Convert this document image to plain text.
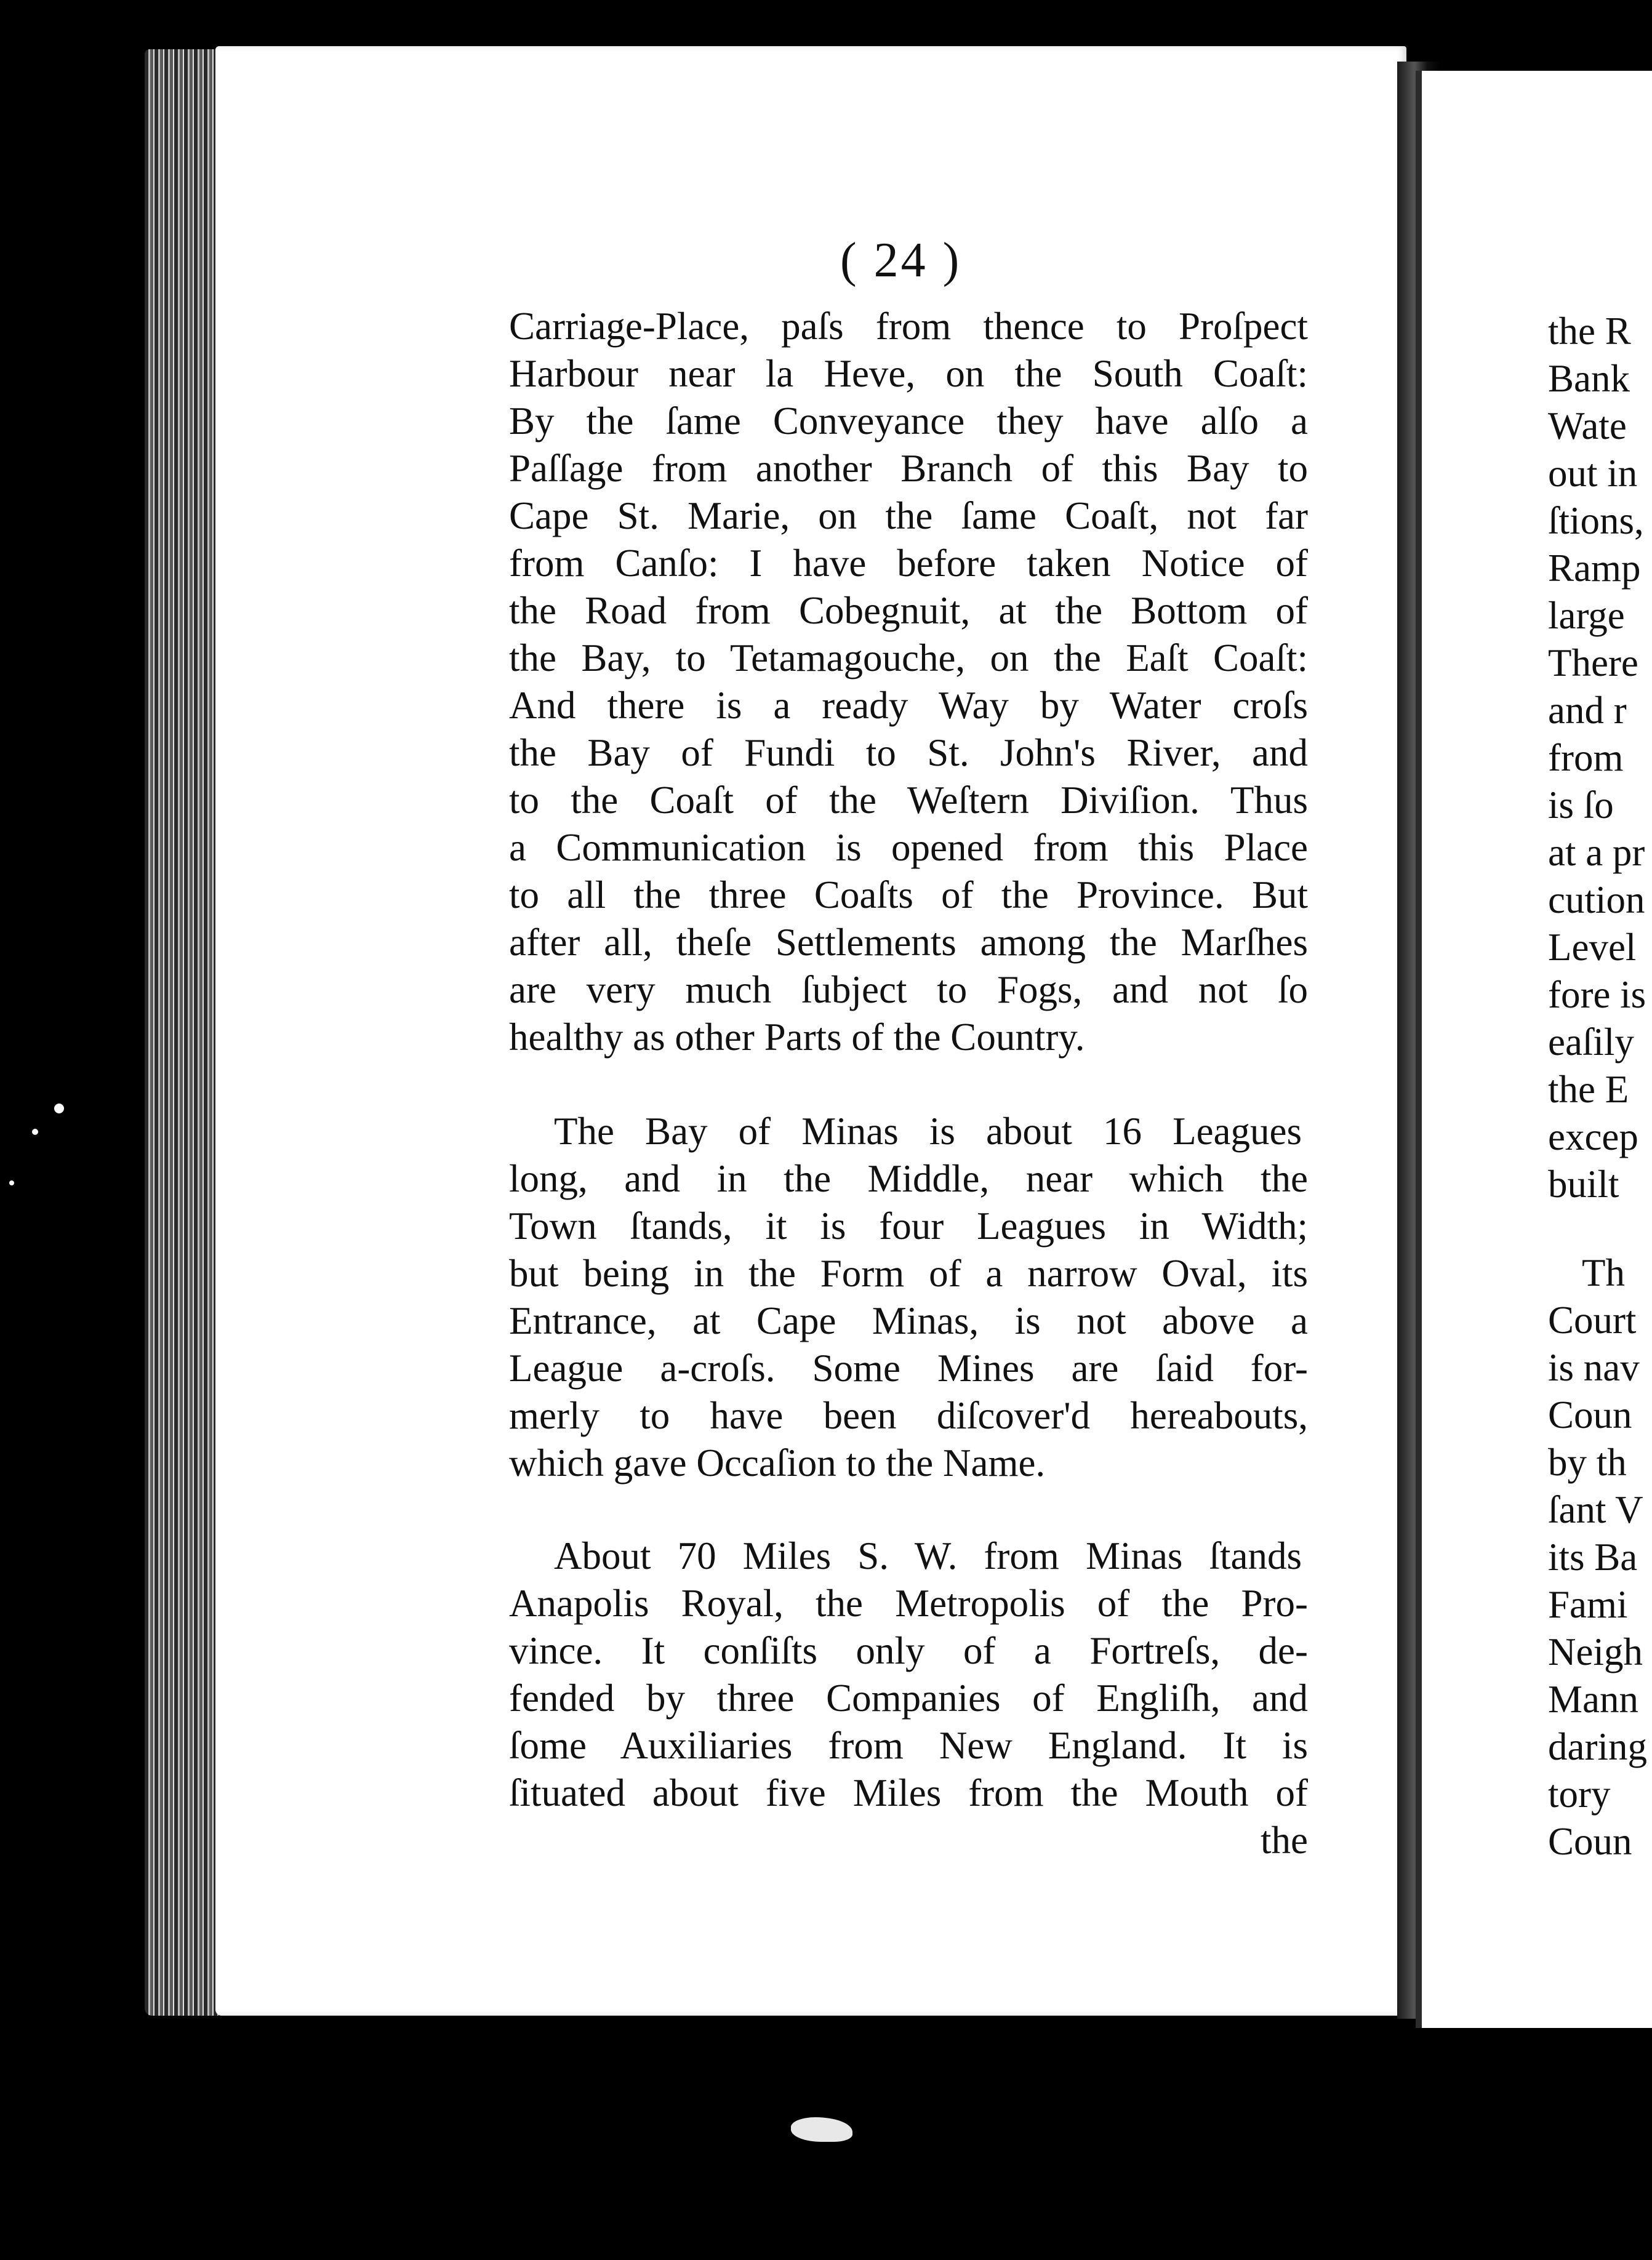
( 24 )
Carriage-Place, paſs from thence to Proſpect
Harbour near la Heve, on the South Coaſt:
By the ſame Conveyance they have alſo a
Paſſage from another Branch of this Bay to
Cape St. Marie, on the ſame Coaſt, not far
from Canſo: I have before taken Notice of
the Road from Cobegnuit, at the Bottom of
the Bay, to Tetamagouche, on the Eaſt Coaſt:
And there is a ready Way by Water croſs
the Bay of Fundi to St. John's River, and
to the Coaſt of the Weſtern Diviſion. Thus
a Communication is opened from this Place
to all the three Coaſts of the Province. But
after all, theſe Settlements among the Marſhes
are very much ſubject to Fogs, and not ſo
healthy as other Parts of the Country.
The Bay of Minas is about 16 Leagues
long, and in the Middle, near which the
Town ſtands, it is four Leagues in Width;
but being in the Form of a narrow Oval, its
Entrance, at Cape Minas, is not above a
League a-croſs. Some Mines are ſaid for-
merly to have been diſcover'd hereabouts,
which gave Occaſion to the Name.
About 70 Miles S. W. from Minas ſtands
Anapolis Royal, the Metropolis of the Pro-
vince. It conſiſts only of a Fortreſs, de-
fended by three Companies of Engliſh, and
ſome Auxiliaries from New England. It is
ſituated about five Miles from the Mouth of
the
the R
Bank
Wate
out in
ſtions,
Ramp
large
There
and r
from
is ſo
at a pr
cution
Level
fore is
eaſily
the E
excep
built
Th
Court
is nav
Coun
by th
ſant V
its Ba
Fami
Neigh
Mann
daring
tory
Coun
